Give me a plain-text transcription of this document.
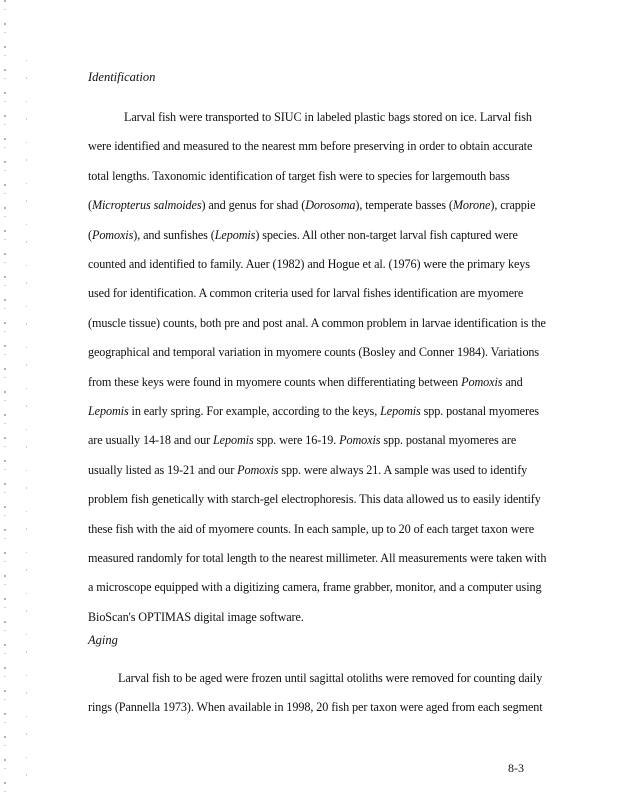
Identification
Larval fish were transported to SIUC in labeled plastic bags stored on ice. Larval fish
were identified and measured to the nearest mm before preserving in order to obtain accurate
total lengths. Taxonomic identification of target fish were to species for largemouth bass
(Micropterus salmoides) and genus for shad (Dorosoma), temperate basses (Morone), crappie
(Pomoxis), and sunfishes (Lepomis) species. All other non-target larval fish captured were
counted and identified to family. Auer (1982) and Hogue et al. (1976) were the primary keys
used for identification. A common criteria used for larval fishes identification are myomere
(muscle tissue) counts, both pre and post anal. A common problem in larvae identification is the
geographical and temporal variation in myomere counts (Bosley and Conner 1984). Variations
from these keys were found in myomere counts when differentiating between Pomoxis and
Lepomis in early spring. For example, according to the keys, Lepomis spp. postanal myomeres
are usually 14-18 and our Lepomis spp. were 16-19. Pomoxis spp. postanal myomeres are
usually listed as 19-21 and our Pomoxis spp. were always 21. A sample was used to identify
problem fish genetically with starch-gel electrophoresis. This data allowed us to easily identify
these fish with the aid of myomere counts. In each sample, up to 20 of each target taxon were
measured randomly for total length to the nearest millimeter. All measurements were taken with
a microscope equipped with a digitizing camera, frame grabber, monitor, and a computer using
BioScan's OPTIMAS digital image software.
Aging
Larval fish to be aged were frozen until sagittal otoliths were removed for counting daily
rings (Pannella 1973). When available in 1998, 20 fish per taxon were aged from each segment
8-3
